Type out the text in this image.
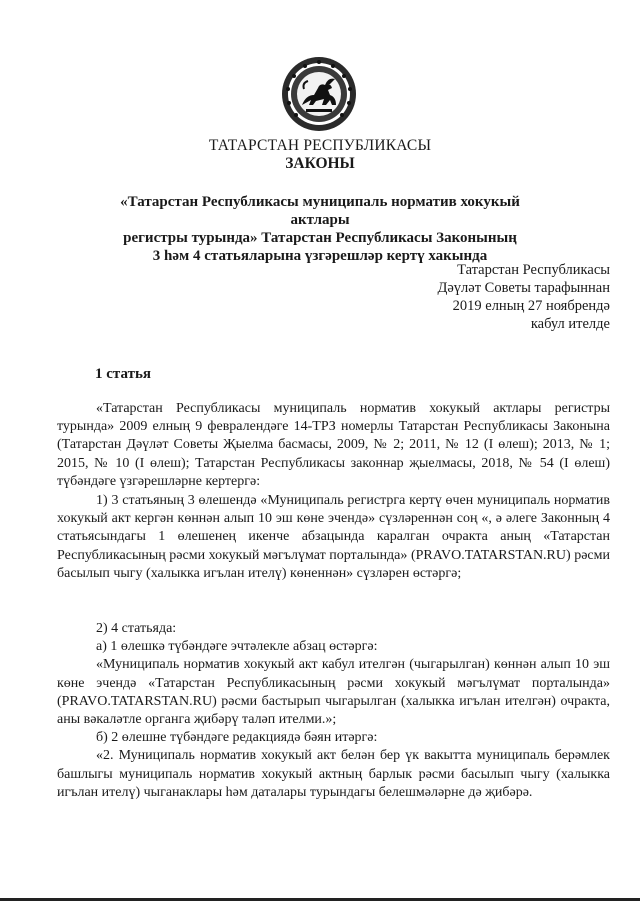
ТАТАРСТАН РЕСПУБЛИКАСЫ
ЗАКОНЫ
«Татарстан Республикасы муниципаль норматив хокукый актлары
регистры турында» Татарстан Республикасы Законының
3 һәм 4 статьяларына үзгәрешләр кертү хакында
Татарстан Республикасы
Дәүләт Советы тарафыннан
2019 елның 27 ноябрендә
кабул ителде
1 статья

«Татарстан Республикасы муниципаль норматив хокукый актлары регистры турында» 2009 елның 9 февралендәге 14-ТРЗ номерлы Татарстан Республикасы Законына (Татарстан Дәүләт Советы Җыелма басмасы, 2009, № 2; 2011, № 12 (I өлеш); 2013, № 1; 2015, № 10 (I өлеш); Татарстан Республикасы законнар җыелмасы, 2018, № 54 (I өлеш) түбәндәге үзгәрешләрне кертергә:

1) 3 статьяның 3 өлешендә «Муниципаль регистрга кертү өчен муниципаль норматив хокукый акт кергән көннән алып 10 эш көне эчендә» сүзләреннән соң «, ә әлеге Законның 4 статьясындагы 1 өлешенең икенче абзацында каралган очракта аның «Татарстан Республикасының рәсми хокукый мәгълүмат порталында» (PRAVO.TATARSTAN.RU) рәсми басылып чыгу (халыкка игълан ителү) көненнән» сүзләрен өстәргә;

2) 4 статьяда:

а) 1 өлешкә түбәндәге эчтәлекле абзац өстәргә:

«Муниципаль норматив хокукый акт кабул ителгән (чыгарылган) көннән алып 10 эш көне эчендә «Татарстан Республикасының рәсми хокукый мәгълүмат порталында» (PRAVO.TATARSTAN.RU) рәсми бастырып чыгарылган (халыкка игълан ителгән) очракта, аны вәкаләтле органга җибәрү таләп ителми.»;

б) 2 өлешне түбәндәге редакциядә бәян итәргә:

«2. Муниципаль норматив хокукый акт белән бер үк вакытта муниципаль берәмлек башлыгы муниципаль норматив хокукый актның барлык рәсми басылып чыгу (халыкка игълан ителү) чыганаклары һәм даталары турындагы белешмәләрне дә җибәрә.
